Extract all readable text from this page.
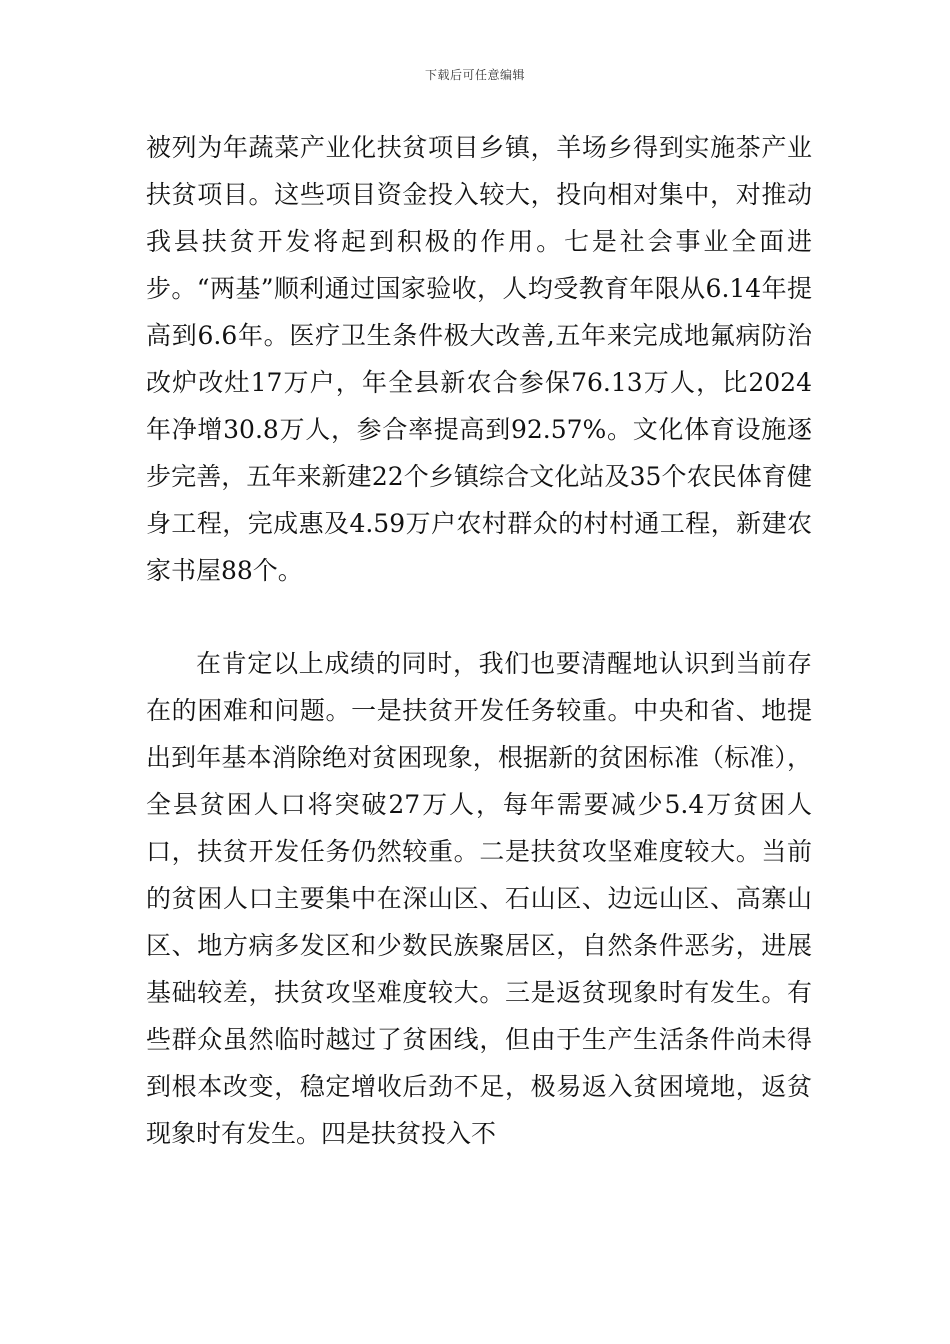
下载后可任意编辑

被列为年蔬菜产业化扶贫项目乡镇，羊场乡得到实施茶产业扶贫项目。这些项目资金投入较大，投向相对集中，对推动我县扶贫开发将起到积极的作用。七是社会事业全面进步。“两基”顺利通过国家验收，人均受教育年限从6.14年提高到6.6年。医疗卫生条件极大改善,五年来完成地氟病防治改炉改灶17万户，年全县新农合参保76.13万人，比2024年净增30.8万人，参合率提高到92.57%。文化体育设施逐步完善，五年来新建22个乡镇综合文化站及35个农民体育健身工程，完成惠及4.59万户农村群众的村村通工程，新建农家书屋88个。

在肯定以上成绩的同时，我们也要清醒地认识到当前存在的困难和问题。一是扶贫开发任务较重。中央和省、地提出到年基本消除绝对贫困现象，根据新的贫困标准（标准），全县贫困人口将突破27万人，每年需要减少5.4万贫困人口，扶贫开发任务仍然较重。二是扶贫攻坚难度较大。当前的贫困人口主要集中在深山区、石山区、边远山区、高寨山区、地方病多发区和少数民族聚居区，自然条件恶劣，进展基础较差，扶贫攻坚难度较大。三是返贫现象时有发生。有些群众虽然临时越过了贫困线，但由于生产生活条件尚未得到根本改变，稳定增收后劲不足，极易返入贫困境地，返贫现象时有发生。四是扶贫投入不
